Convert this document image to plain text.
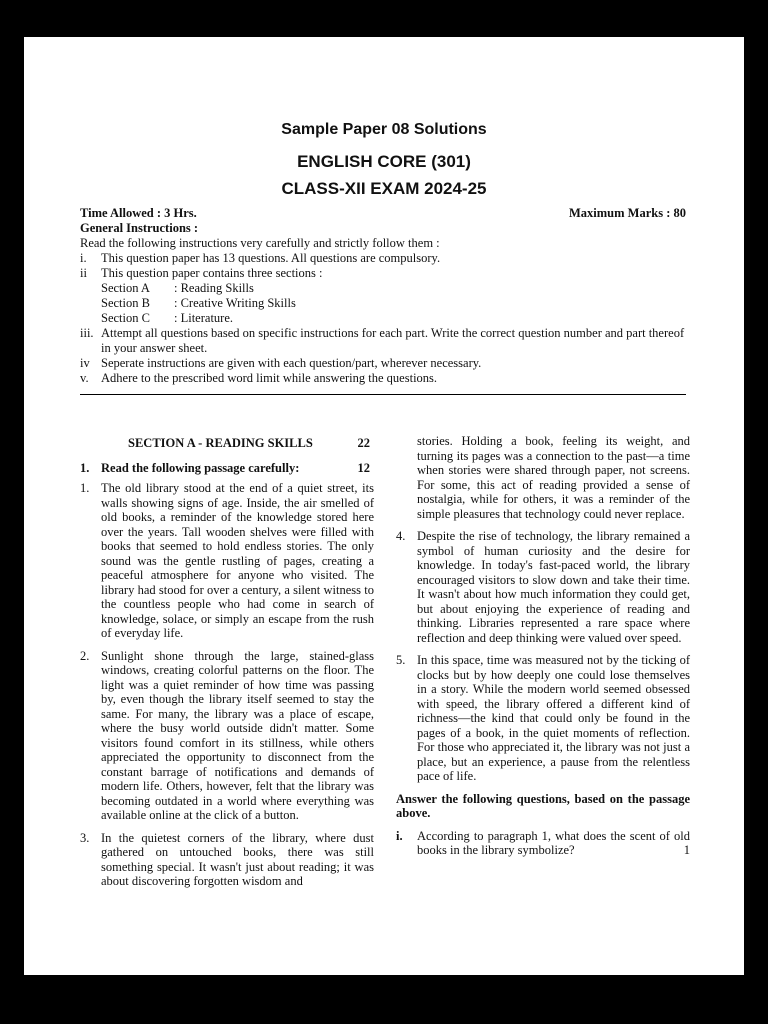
Sample Paper 08 Solutions
ENGLISH CORE (301)
CLASS-XII EXAM 2024-25
Time Allowed : 3 Hrs.	Maximum Marks : 80
General Instructions :
Read the following instructions very carefully and strictly follow them :
i.	This question paper has 13 questions. All questions are compulsory.
ii	This question paper contains three sections :
Section A	: Reading Skills
Section B	: Creative Writing Skills
Section C	: Literature.
iii. Attempt all questions based on specific instructions for each part. Write the correct question number and part thereof in your answer sheet.
iv Seperate instructions are given with each question/part, wherever necessary.
v. Adhere to the prescribed word limit while answering the questions.
SECTION A - READING SKILLS	22
1. Read the following passage carefully:	12
1. The old library stood at the end of a quiet street, its walls showing signs of age. Inside, the air smelled of old books, a reminder of the knowledge stored here over the years. Tall wooden shelves were filled with books that seemed to hold endless stories. The only sound was the gentle rustling of pages, creating a peaceful atmosphere for anyone who visited. The library had stood for over a century, a silent witness to the countless people who had come in search of knowledge, solace, or simply an escape from the rush of everyday life.
2. Sunlight shone through the large, stained-glass windows, creating colorful patterns on the floor. The light was a quiet reminder of how time was passing by, even though the library itself seemed to stay the same. For many, the library was a place of escape, where the busy world outside didn't matter. Some visitors found comfort in its stillness, while others appreciated the opportunity to disconnect from the constant barrage of notifications and demands of modern life. Others, however, felt that the library was becoming outdated in a world where everything was available online at the click of a button.
3. In the quietest corners of the library, where dust gathered on untouched books, there was still something special. It wasn't just about reading; it was about discovering forgotten wisdom and
stories. Holding a book, feeling its weight, and turning its pages was a connection to the past—a time when stories were shared through paper, not screens. For some, this act of reading provided a sense of nostalgia, while for others, it was a reminder of the simple pleasures that technology could never replace.
4. Despite the rise of technology, the library remained a symbol of human curiosity and the desire for knowledge. In today's fast-paced world, the library encouraged visitors to slow down and take their time. It wasn't about how much information they could get, but about enjoying the experience of reading and thinking. Libraries represented a rare space where reflection and deep thinking were valued over speed.
5. In this space, time was measured not by the ticking of clocks but by how deeply one could lose themselves in a story. While the modern world seemed obsessed with speed, the library offered a different kind of richness—the kind that could only be found in the pages of a book, in the quiet moments of reflection. For those who appreciated it, the library was not just a place, but an experience, a pause from the relentless pace of life.
Answer the following questions, based on the passage above.
i.	According to paragraph 1, what does the scent of old books in the library symbolize?	1
